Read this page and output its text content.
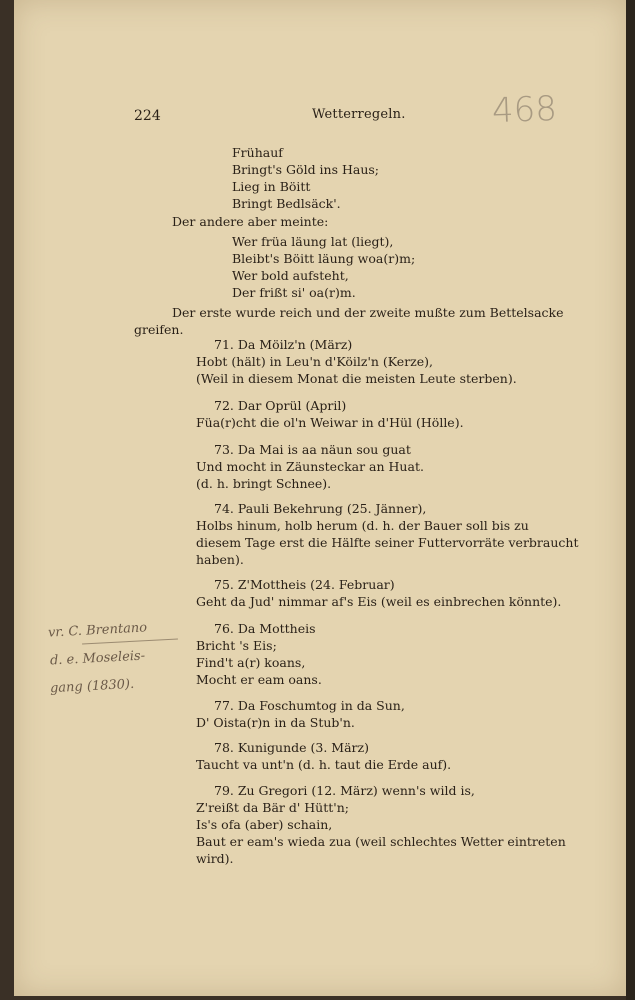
224	Wetterregeln.	468
Frühauf
Bringt's Göld ins Haus;
Lieg in Böitt
Bringt Bedlsäck'.
Der andere aber meinte:
Wer früa läung lat (liegt),
Bleibt's Böitt läung woa(r)m;
Wer bold aufsteht,
Der frißt si' oa(r)m.
Der erste wurde reich und der zweite mußte zum Bettelsacke
greifen.
71. Da Möilz'n (März)
Hobt (hält) in Leu'n d'Köilz'n (Kerze),
(Weil in diesem Monat die meisten Leute sterben).
72. Dar Oprül (April)
Füa(r)cht die ol'n Weiwar in d'Hül (Hölle).
73. Da Mai is aa näun sou guat
Und mocht in Zäunsteckar an Huat.
(d. h. bringt Schnee).
74. Pauli Bekehrung (25. Jänner),
Holbs hinum, holb herum (d. h. der Bauer soll bis zu
diesem Tage erst die Hälfte seiner Futtervorräte verbraucht
haben).
75. Z'Mottheis (24. Februar)
Geht da Jud' nimmar af's Eis (weil es einbrechen könnte).
76. Da Mottheis
Bricht 's Eis;
Find't a(r) koans,
Mocht er eam oans.
77. Da Foschumtog in da Sun,
D' Oista(r)n in da Stub'n.
78. Kunigunde (3. März)
Taucht va unt'n (d. h. taut die Erde auf).
79. Zu Gregori (12. März) wenn's wild is,
Z'reißt da Bär d' Hütt'n;
Is's ofa (aber) schain,
Baut er eam's wieda zua (weil schlechtes Wetter eintreten
wird).
vr. C. Brentano
d. e. Moseleis-
gang (1830).
